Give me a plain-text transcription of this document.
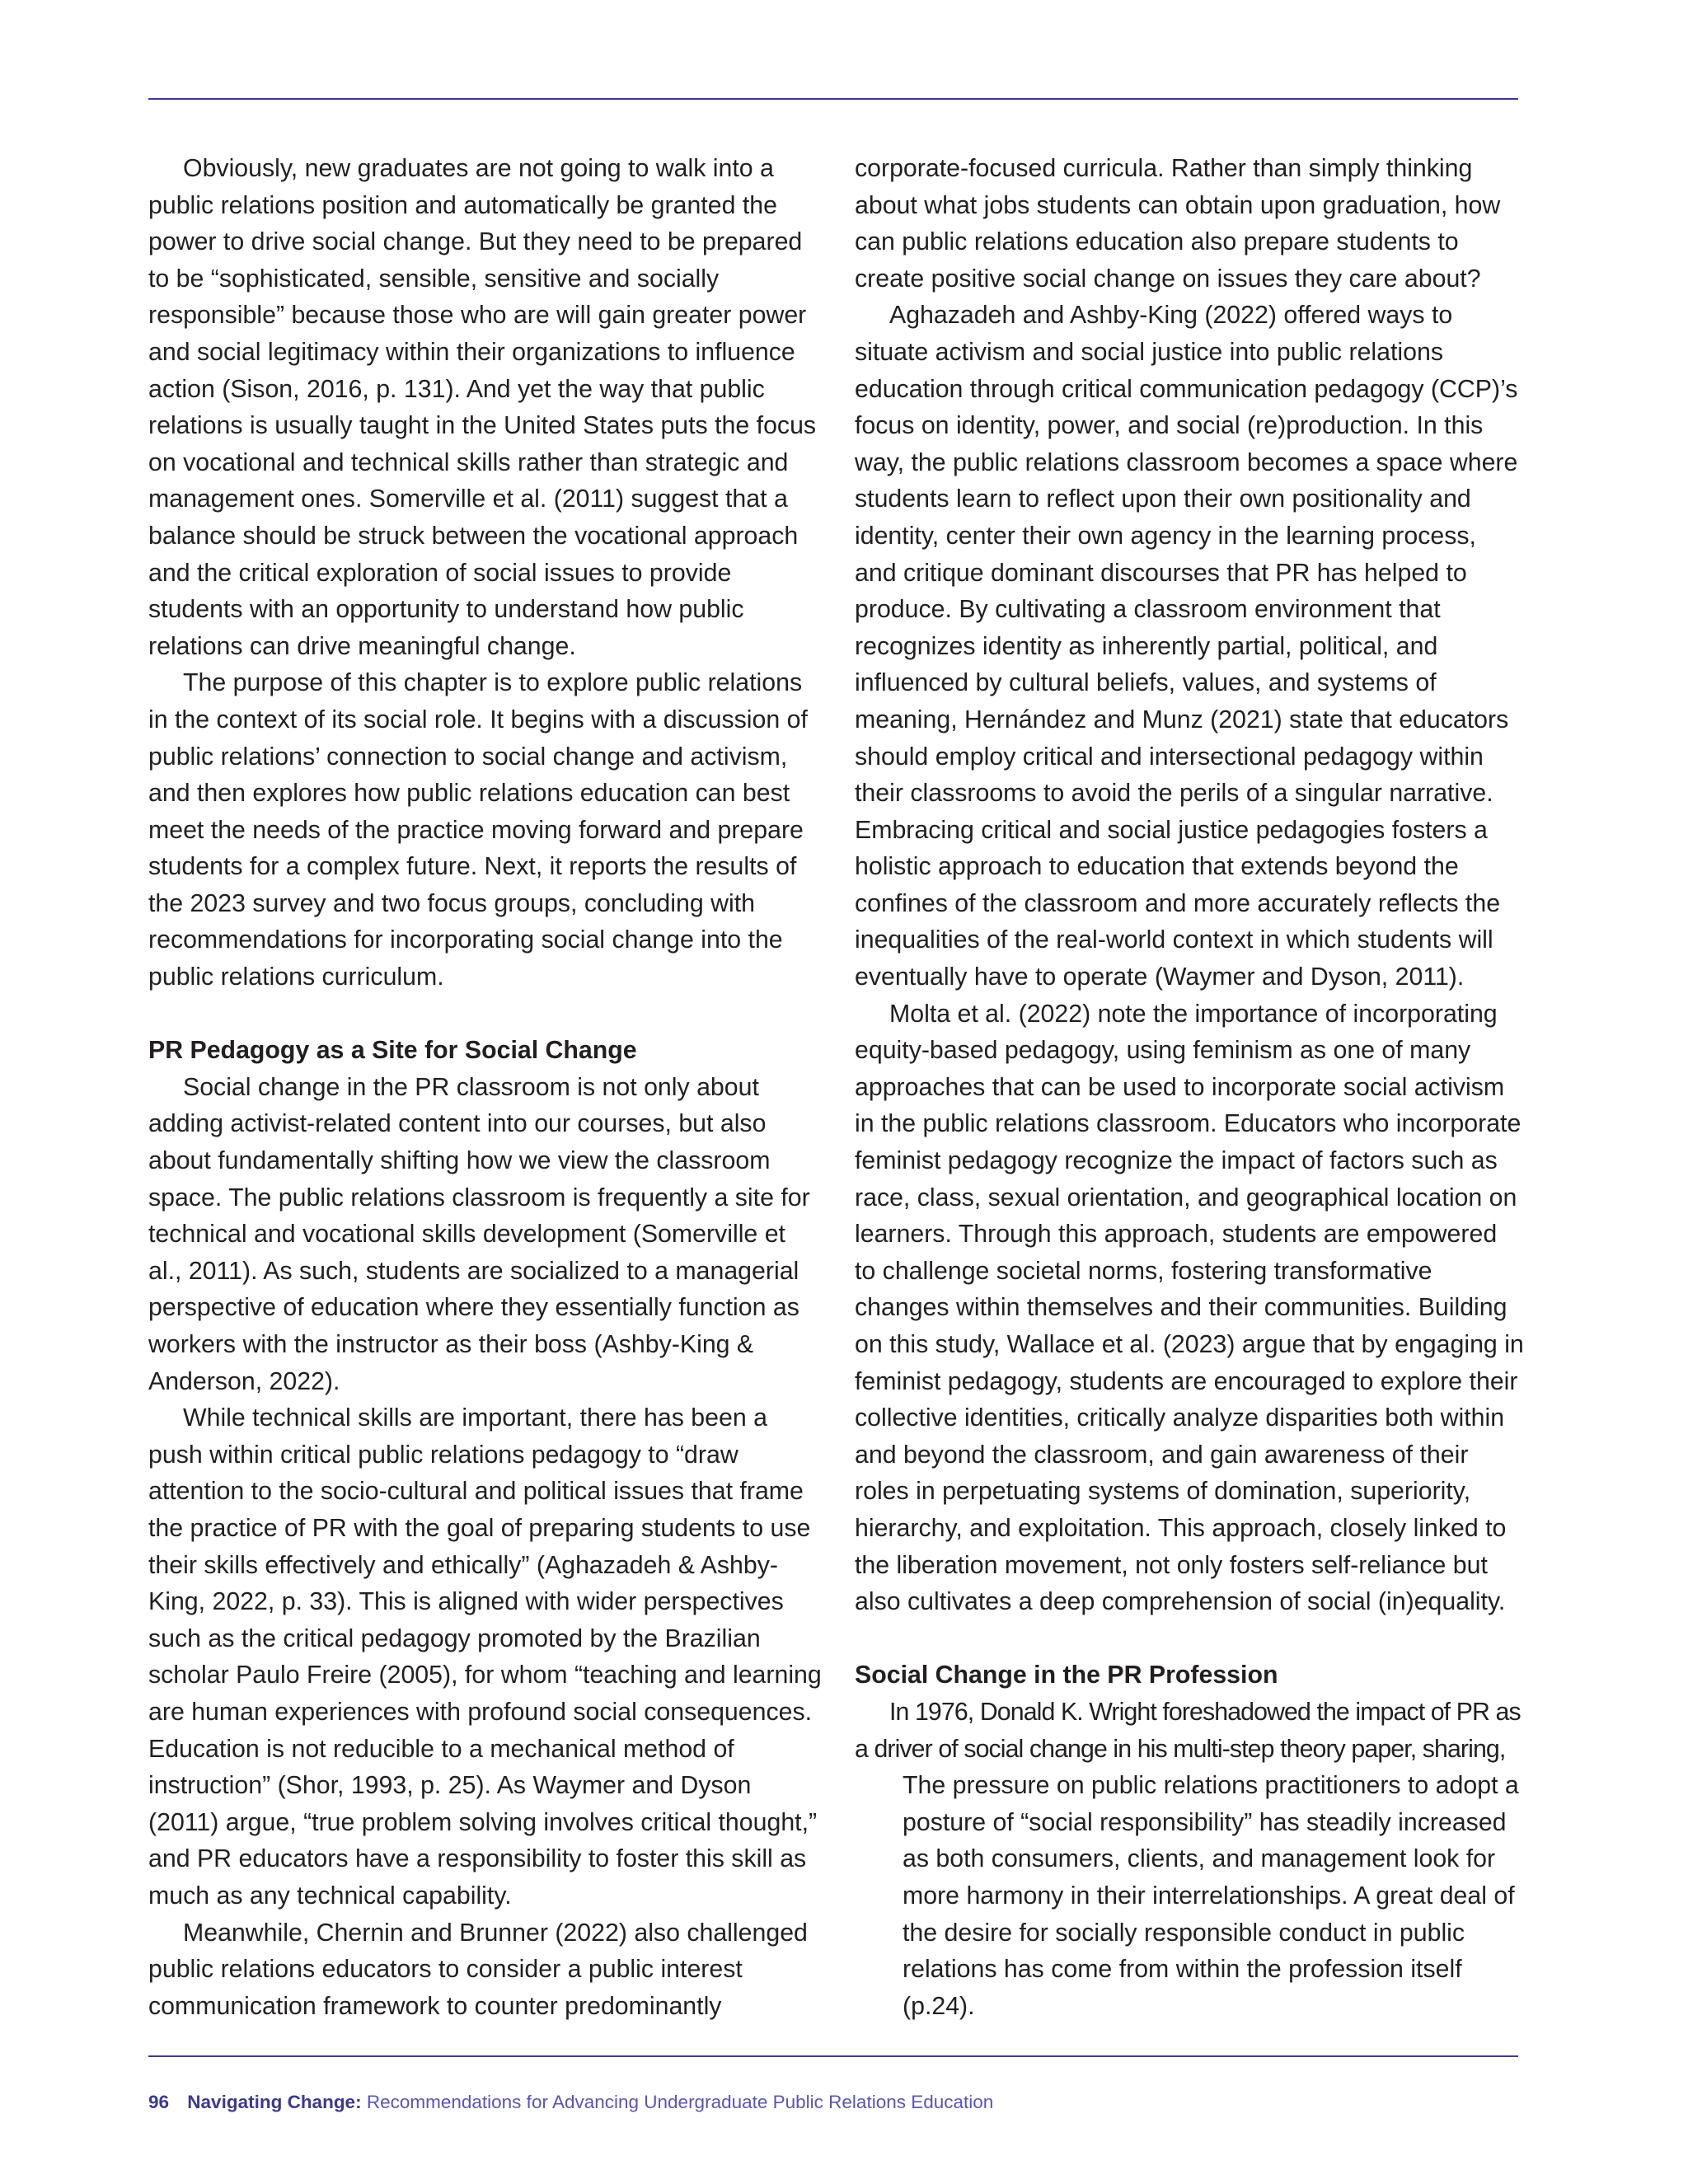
Obviously, new graduates are not going to walk into a public relations position and automatically be granted the power to drive social change. But they need to be prepared to be “sophisticated, sensible, sensitive and socially responsible” because those who are will gain greater power and social legitimacy within their organizations to influence action (Sison, 2016, p. 131). And yet the way that public relations is usually taught in the United States puts the focus on vocational and technical skills rather than strategic and management ones. Somerville et al. (2011) suggest that a balance should be struck between the vocational approach and the critical exploration of social issues to provide students with an opportunity to understand how public relations can drive meaningful change.

The purpose of this chapter is to explore public relations in the context of its social role. It begins with a discussion of public relations’ connection to social change and activism, and then explores how public relations education can best meet the needs of the practice moving forward and prepare students for a complex future. Next, it reports the results of the 2023 survey and two focus groups, concluding with recommendations for incorporating social change into the public relations curriculum.

PR Pedagogy as a Site for Social Change

Social change in the PR classroom is not only about adding activist-related content into our courses, but also about fundamentally shifting how we view the classroom space. The public relations classroom is frequently a site for technical and vocational skills development (Somerville et al., 2011). As such, students are socialized to a managerial perspective of education where they essentially function as workers with the instructor as their boss (Ashby-King & Anderson, 2022).

While technical skills are important, there has been a push within critical public relations pedagogy to “draw attention to the socio-cultural and political issues that frame the practice of PR with the goal of preparing students to use their skills effectively and ethically” (Aghazadeh & Ashby-King, 2022, p. 33). This is aligned with wider perspectives such as the critical pedagogy promoted by the Brazilian scholar Paulo Freire (2005), for whom “teaching and learning are human experiences with profound social consequences. Education is not reducible to a mechanical method of instruction” (Shor, 1993, p. 25). As Waymer and Dyson (2011) argue, “true problem solving involves critical thought,” and PR educators have a responsibility to foster this skill as much as any technical capability.

Meanwhile, Chernin and Brunner (2022) also challenged public relations educators to consider a public interest communication framework to counter predominantly

corporate-focused curricula. Rather than simply thinking about what jobs students can obtain upon graduation, how can public relations education also prepare students to create positive social change on issues they care about?

Aghazadeh and Ashby-King (2022) offered ways to situate activism and social justice into public relations education through critical communication pedagogy (CCP)’s focus on identity, power, and social (re)production. In this way, the public relations classroom becomes a space where students learn to reflect upon their own positionality and identity, center their own agency in the learning process, and critique dominant discourses that PR has helped to produce. By cultivating a classroom environment that recognizes identity as inherently partial, political, and influenced by cultural beliefs, values, and systems of meaning, Hernández and Munz (2021) state that educators should employ critical and intersectional pedagogy within their classrooms to avoid the perils of a singular narrative. Embracing critical and social justice pedagogies fosters a holistic approach to education that extends beyond the confines of the classroom and more accurately reflects the inequalities of the real-world context in which students will eventually have to operate (Waymer and Dyson, 2011).

Molta et al. (2022) note the importance of incorporating equity-based pedagogy, using feminism as one of many approaches that can be used to incorporate social activism in the public relations classroom. Educators who incorporate feminist pedagogy recognize the impact of factors such as race, class, sexual orientation, and geographical location on learners. Through this approach, students are empowered to challenge societal norms, fostering transformative changes within themselves and their communities. Building on this study, Wallace et al. (2023) argue that by engaging in feminist pedagogy, students are encouraged to explore their collective identities, critically analyze disparities both within and beyond the classroom, and gain awareness of their roles in perpetuating systems of domination, superiority, hierarchy, and exploitation. This approach, closely linked to the liberation movement, not only fosters self-reliance but also cultivates a deep comprehension of social (in)equality.

Social Change in the PR Profession

In 1976, Donald K. Wright foreshadowed the impact of PR as a driver of social change in his multi-step theory paper, sharing,

The pressure on public relations practitioners to adopt a posture of “social responsibility” has steadily increased as both consumers, clients, and management look for more harmony in their interrelationships. A great deal of the desire for socially responsible conduct in public relations has come from within the profession itself (p.24).

96 Navigating Change: Recommendations for Advancing Undergraduate Public Relations Education
